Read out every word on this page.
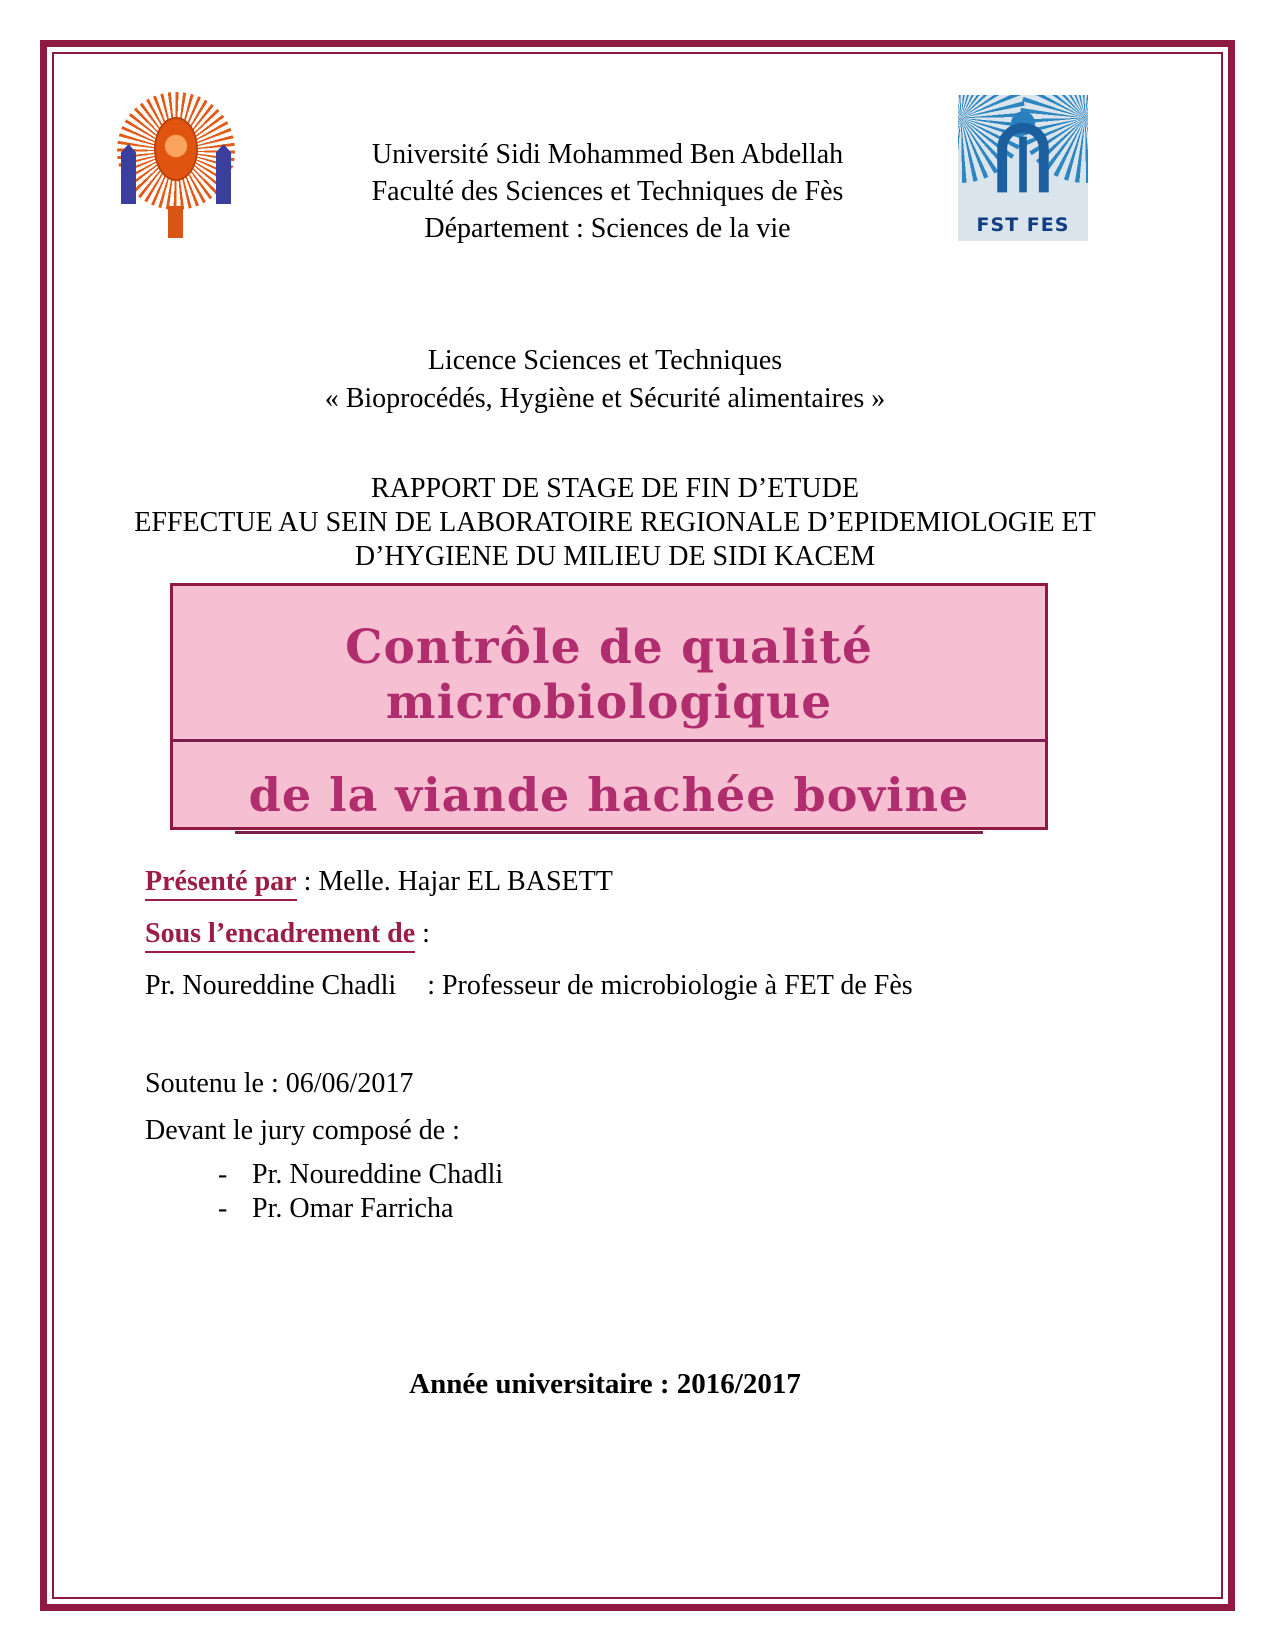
Université Sidi Mohammed Ben Abdellah
Faculté des Sciences et Techniques de Fès
Département : Sciences de la vie	FST FES
Licence Sciences et Techniques
« Bioprocédés, Hygiène et Sécurité alimentaires »
RAPPORT DE STAGE DE FIN D’ETUDE
EFFECTUE AU SEIN DE LABORATOIRE REGIONALE D’EPIDEMIOLOGIE ET
D’HYGIENE DU MILIEU DE SIDI KACEM
Contrôle de qualité microbiologique
de la viande hachée bovine
Présenté par : Melle. Hajar EL BASETT
Sous l’encadrement de :
Pr. Noureddine Chadli : Professeur de microbiologie à FET de Fès
Soutenu le : 06/06/2017
Devant le jury composé de :
- Pr. Noureddine Chadli
- Pr. Omar Farricha
Année universitaire : 2016/2017
